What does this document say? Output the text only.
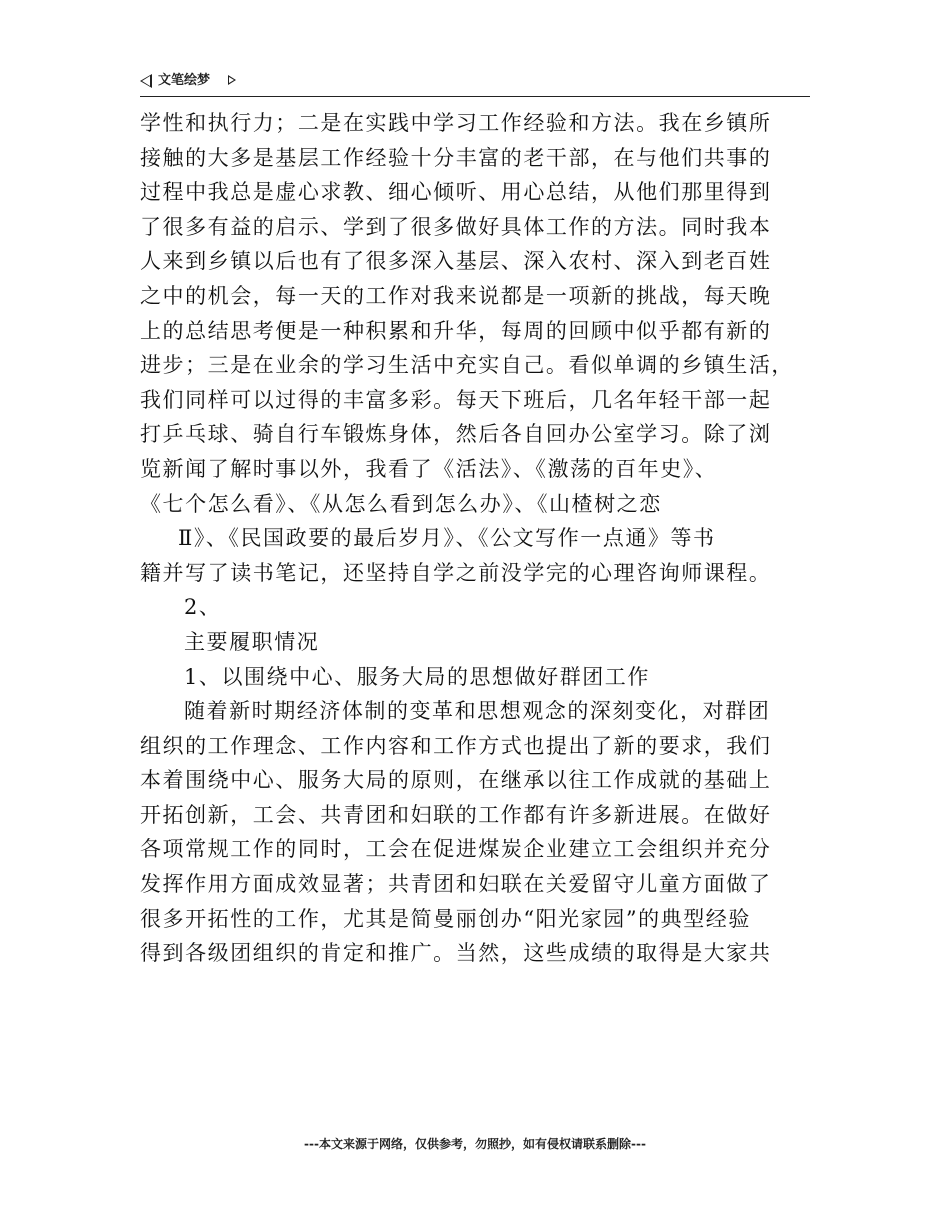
文笔绘梦
学性和执行力；二是在实践中学习工作经验和方法。我在乡镇所
接触的大多是基层工作经验十分丰富的老干部，在与他们共事的
过程中我总是虚心求教、细心倾听、用心总结，从他们那里得到
了很多有益的启示、学到了很多做好具体工作的方法。同时我本
人来到乡镇以后也有了很多深入基层、深入农村、深入到老百姓
之中的机会，每一天的工作对我来说都是一项新的挑战，每天晚
上的总结思考便是一种积累和升华，每周的回顾中似乎都有新的
进步；三是在业余的学习生活中充实自己。看似单调的乡镇生活，
我们同样可以过得的丰富多彩。每天下班后，几名年轻干部一起
打乒乓球、骑自行车锻炼身体，然后各自回办公室学习。除了浏
览新闻了解时事以外，我看了《活法》、《激荡的百年史》、
《七个怎么看》、《从怎么看到怎么办》、《山楂树之恋
Ⅱ》、《民国政要的最后岁月》、《公文写作一点通》等书
籍并写了读书笔记，还坚持自学之前没学完的心理咨询师课程。
2、
主要履职情况
1、以围绕中心、服务大局的思想做好群团工作
随着新时期经济体制的变革和思想观念的深刻变化，对群团
组织的工作理念、工作内容和工作方式也提出了新的要求，我们
本着围绕中心、服务大局的原则，在继承以往工作成就的基础上
开拓创新，工会、共青团和妇联的工作都有许多新进展。在做好
各项常规工作的同时，工会在促进煤炭企业建立工会组织并充分
发挥作用方面成效显著；共青团和妇联在关爱留守儿童方面做了
很多开拓性的工作，尤其是简曼丽创办“阳光家园”的典型经验
得到各级团组织的肯定和推广。当然，这些成绩的取得是大家共
---本文来源于网络，仅供参考，勿照抄，如有侵权请联系删除---
